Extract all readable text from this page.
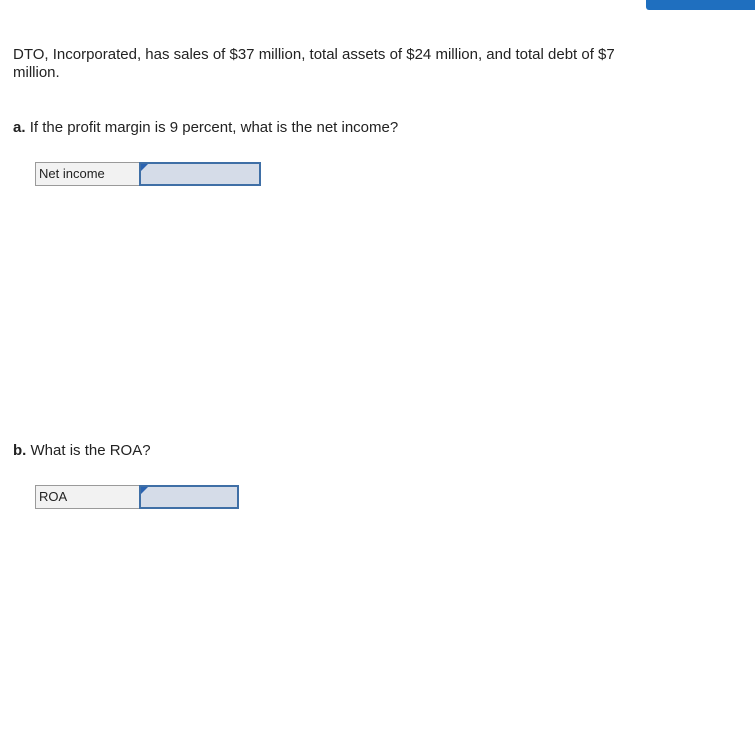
DTO, Incorporated, has sales of $37 million, total assets of $24 million, and total debt of $7 million.
a. If the profit margin is 9 percent, what is the net income?
Net income
b. What is the ROA?
ROA
